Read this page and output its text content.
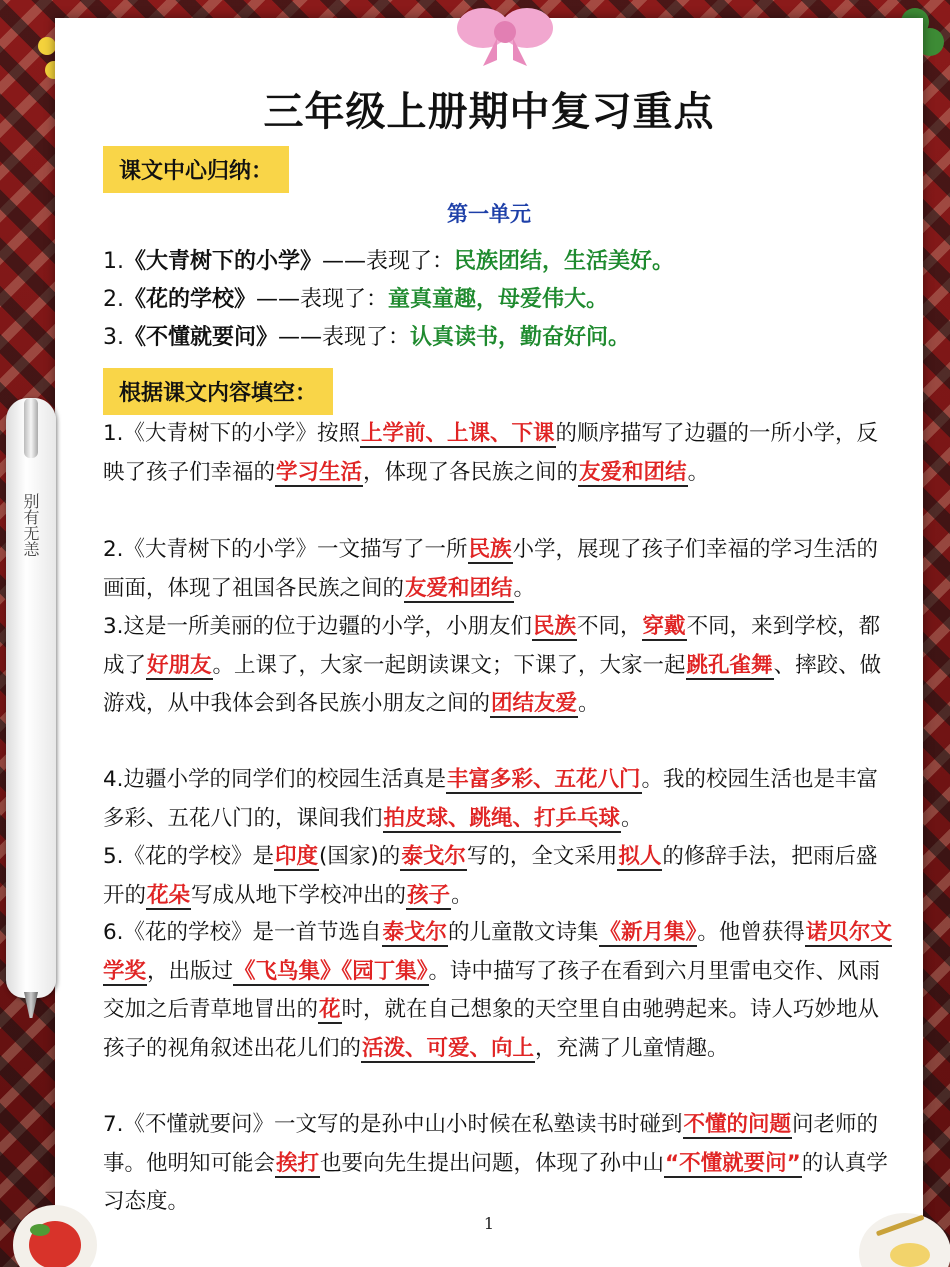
三年级上册期中复习重点
课文中心归纳：
第一单元
1.《大青树下的小学》——表现了：民族团结，生活美好。
2.《花的学校》——表现了：童真童趣，母爱伟大。
3.《不懂就要问》——表现了：认真读书，勤奋好问。
根据课文内容填空：
1.《大青树下的小学》按照上学前、上课、下课的顺序描写了边疆的一所小学，反映了孩子们幸福的学习生活，体现了各民族之间的友爱和团结。
2.《大青树下的小学》一文描写了一所民族小学，展现了孩子们幸福的学习生活的画面，体现了祖国各民族之间的友爱和团结。
3.这是一所美丽的位于边疆的小学，小朋友们民族不同，穿戴不同，来到学校，都成了好朋友。上课了，大家一起朗读课文；下课了，大家一起跳孔雀舞、摔跤、做游戏，从中我体会到各民族小朋友之间的团结友爱。
4.边疆小学的同学们的校园生活真是丰富多彩、五花八门。我的校园生活也是丰富多彩、五花八门的，课间我们拍皮球、跳绳、打乒乓球。
5.《花的学校》是印度(国家)的泰戈尔写的，全文采用拟人的修辞手法，把雨后盛开的花朵写成从地下学校冲出的孩子。
6.《花的学校》是一首节选自泰戈尔的儿童散文诗集《新月集》。他曾获得诺贝尔文学奖，出版过《飞鸟集》《园丁集》。诗中描写了孩子在看到六月里雷电交作、风雨交加之后青草地冒出的花时，就在自己想象的天空里自由驰骋起来。诗人巧妙地从孩子的视角叙述出花儿们的活泼、可爱、向上，充满了儿童情趣。
7.《不懂就要问》一文写的是孙中山小时候在私塾读书时碰到不懂的问题问老师的事。他明知可能会挨打也要向先生提出问题，体现了孙中山“不懂就要问”的认真学习态度。
1
别有无恙
